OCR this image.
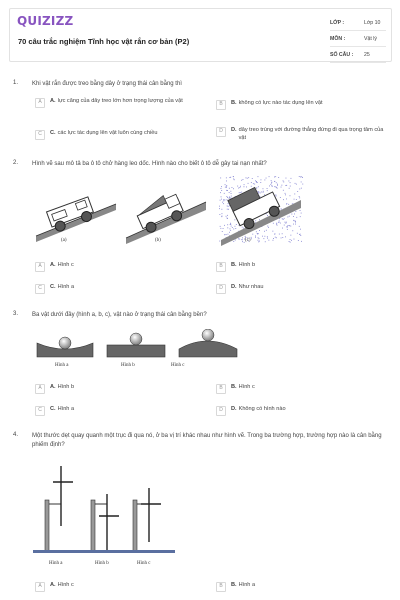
QUIZIZZ
70 câu trắc nghiệm Tĩnh học vật rắn cơ bản (P2)
LỚP :	Lớp 10
MÔN :	Vật lý
SỐ CÂU : 25
1. Khi vật rắn được treo bằng dây ở trạng thái cân bằng thì
A	A. lực căng của dây treo lớn hơn trọng lượng của vật
B	B. không có lực nào tác dụng lên vật
C	C. các lực tác dụng lên vật luôn cùng chiều	D	D. dây treo trùng với đường thẳng đứng đi qua trọng tâm của vật
2. Hình vẽ sau mô tả ba ô tô chở hàng leo dốc. Hình nào cho biết ô tô dễ gây tai nạn nhất?
(a)	(b)	(c)
A	A. Hình c	B	B. Hình b
C	C. Hình a	D	D. Như nhau
3. Ba vật dưới đây (hình a, b, c), vật nào ở trạng thái cân bằng bền?
Hình a	Hình b	Hình c
A	A. Hình b	B	B. Hình c
C	C. Hình a	D	D. Không có hình nào
4. Một thước dẹt quay quanh một trục đi qua nó, ở ba vị trí khác nhau như hình vẽ. Trong ba trường hợp, trường hợp nào là cân bằng phiếm định?
Hình a	Hình b	Hình c
A	A. Hình c	B	B. Hình a
